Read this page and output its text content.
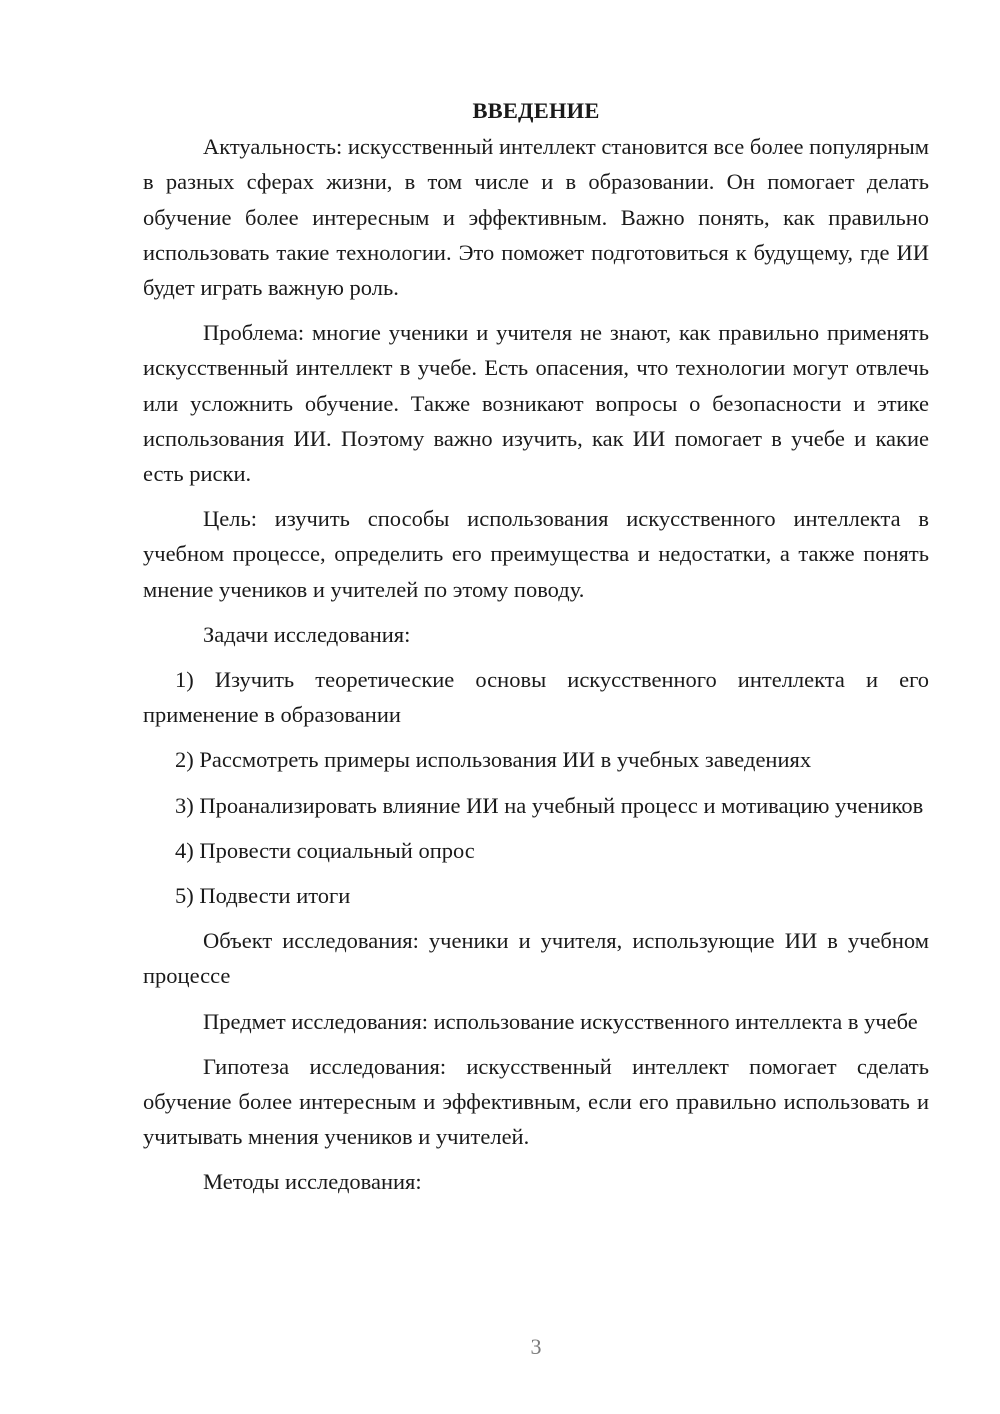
ВВЕДЕНИЕ

Актуальность: искусственный интеллект становится все более популярным в разных сферах жизни, в том числе и в образовании. Он помогает делать обучение более интересным и эффективным. Важно понять, как правильно использовать такие технологии. Это поможет подготовиться к будущему, где ИИ будет играть важную роль.

Проблема: многие ученики и учителя не знают, как правильно применять искусственный интеллект в учебе. Есть опасения, что технологии могут отвлечь или усложнить обучение. Также возникают вопросы о безопасности и этике использования ИИ. Поэтому важно изучить, как ИИ помогает в учебе и какие есть риски.

Цель: изучить способы использования искусственного интеллекта в учебном процессе, определить его преимущества и недостатки, а также понять мнение учеников и учителей по этому поводу.

Задачи исследования:

1) Изучить теоретические основы искусственного интеллекта и его применение в образовании

2) Рассмотреть примеры использования ИИ в учебных заведениях

3) Проанализировать влияние ИИ на учебный процесс и мотивацию учеников

4) Провести социальный опрос

5) Подвести итоги

Объект исследования: ученики и учителя, использующие ИИ в учебном процессе

Предмет исследования: использование искусственного интеллекта в учебе

Гипотеза исследования: искусственный интеллект помогает сделать обучение более интересным и эффективным, если его правильно использовать и учитывать мнения учеников и учителей.

Методы исследования:

3
